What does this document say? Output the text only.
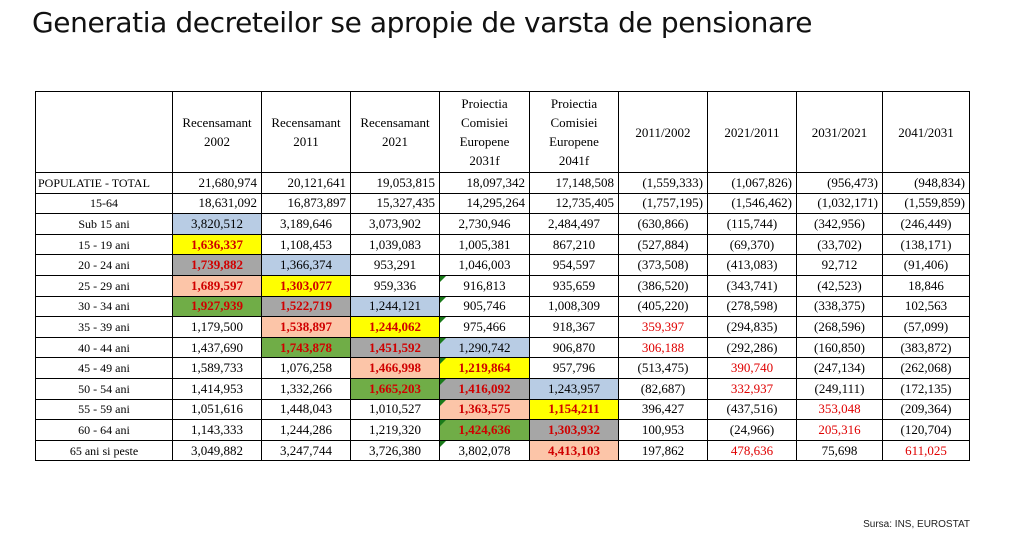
Generatia decreteilor se apropie de varsta de pensionare
	Recensamant 2002	Recensamant 2011	Recensamant 2021	Proiectia Comisiei Europene 2031f	Proiectia Comisiei Europene 2041f	2011/2002	2021/2011	2031/2021	2041/2031
POPULATIE - TOTAL	21,680,974	20,121,641	19,053,815	18,097,342	17,148,508	(1,559,333)	(1,067,826)	(956,473)	(948,834)
15-64	18,631,092	16,873,897	15,327,435	14,295,264	12,735,405	(1,757,195)	(1,546,462)	(1,032,171)	(1,559,859)
Sub 15 ani	3,820,512	3,189,646	3,073,902	2,730,946	2,484,497	(630,866)	(115,744)	(342,956)	(246,449)
15 - 19 ani	1,636,337	1,108,453	1,039,083	1,005,381	867,210	(527,884)	(69,370)	(33,702)	(138,171)
20 - 24 ani	1,739,882	1,366,374	953,291	1,046,003	954,597	(373,508)	(413,083)	92,712	(91,406)
25 - 29 ani	1,689,597	1,303,077	959,336	916,813	935,659	(386,520)	(343,741)	(42,523)	18,846
30 - 34 ani	1,927,939	1,522,719	1,244,121	905,746	1,008,309	(405,220)	(278,598)	(338,375)	102,563
35 - 39 ani	1,179,500	1,538,897	1,244,062	975,466	918,367	359,397	(294,835)	(268,596)	(57,099)
40 - 44 ani	1,437,690	1,743,878	1,451,592	1,290,742	906,870	306,188	(292,286)	(160,850)	(383,872)
45 - 49 ani	1,589,733	1,076,258	1,466,998	1,219,864	957,796	(513,475)	390,740	(247,134)	(262,068)
50 - 54 ani	1,414,953	1,332,266	1,665,203	1,416,092	1,243,957	(82,687)	332,937	(249,111)	(172,135)
55 - 59 ani	1,051,616	1,448,043	1,010,527	1,363,575	1,154,211	396,427	(437,516)	353,048	(209,364)
60 - 64 ani	1,143,333	1,244,286	1,219,320	1,424,636	1,303,932	100,953	(24,966)	205,316	(120,704)
65 ani si peste	3,049,882	3,247,744	3,726,380	3,802,078	4,413,103	197,862	478,636	75,698	611,025
Sursa: INS, EUROSTAT
